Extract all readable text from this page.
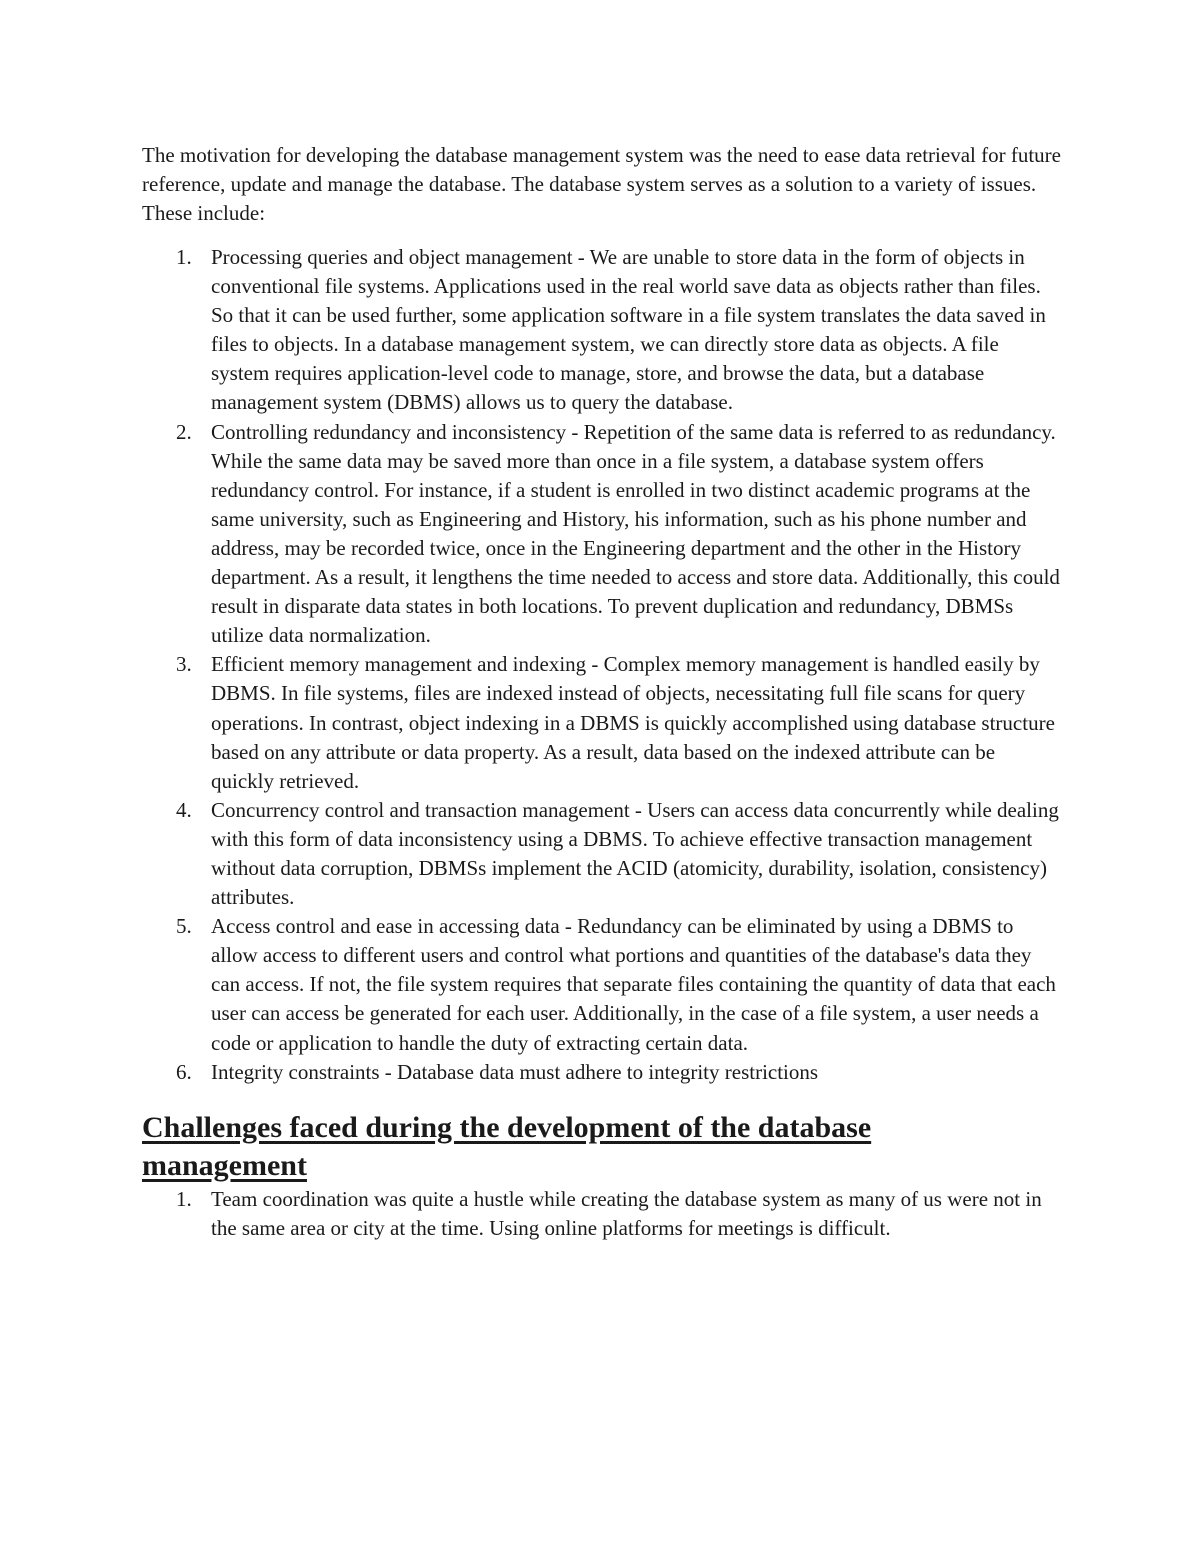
The motivation for developing the database management system was the need to ease data retrieval for future reference, update and manage the database. The database system serves as a solution to a variety of issues. These include:

1. Processing queries and object management - We are unable to store data in the form of objects in conventional file systems. Applications used in the real world save data as objects rather than files. So that it can be used further, some application software in a file system translates the data saved in files to objects. In a database management system, we can directly store data as objects. A file system requires application-level code to manage, store, and browse the data, but a database management system (DBMS) allows us to query the database.
2. Controlling redundancy and inconsistency - Repetition of the same data is referred to as redundancy. While the same data may be saved more than once in a file system, a database system offers redundancy control. For instance, if a student is enrolled in two distinct academic programs at the same university, such as Engineering and History, his information, such as his phone number and address, may be recorded twice, once in the Engineering department and the other in the History department. As a result, it lengthens the time needed to access and store data. Additionally, this could result in disparate data states in both locations. To prevent duplication and redundancy, DBMSs utilize data normalization.
3. Efficient memory management and indexing - Complex memory management is handled easily by DBMS. In file systems, files are indexed instead of objects, necessitating full file scans for query operations. In contrast, object indexing in a DBMS is quickly accomplished using database structure based on any attribute or data property. As a result, data based on the indexed attribute can be quickly retrieved.
4. Concurrency control and transaction management - Users can access data concurrently while dealing with this form of data inconsistency using a DBMS. To achieve effective transaction management without data corruption, DBMSs implement the ACID (atomicity, durability, isolation, consistency) attributes.
5. Access control and ease in accessing data - Redundancy can be eliminated by using a DBMS to allow access to different users and control what portions and quantities of the database's data they can access. If not, the file system requires that separate files containing the quantity of data that each user can access be generated for each user. Additionally, in the case of a file system, a user needs a code or application to handle the duty of extracting certain data.
6. Integrity constraints - Database data must adhere to integrity restrictions
Challenges faced during the development of the database management
1. Team coordination was quite a hustle while creating the database system as many of us were not in the same area or city at the time. Using online platforms for meetings is difficult.
